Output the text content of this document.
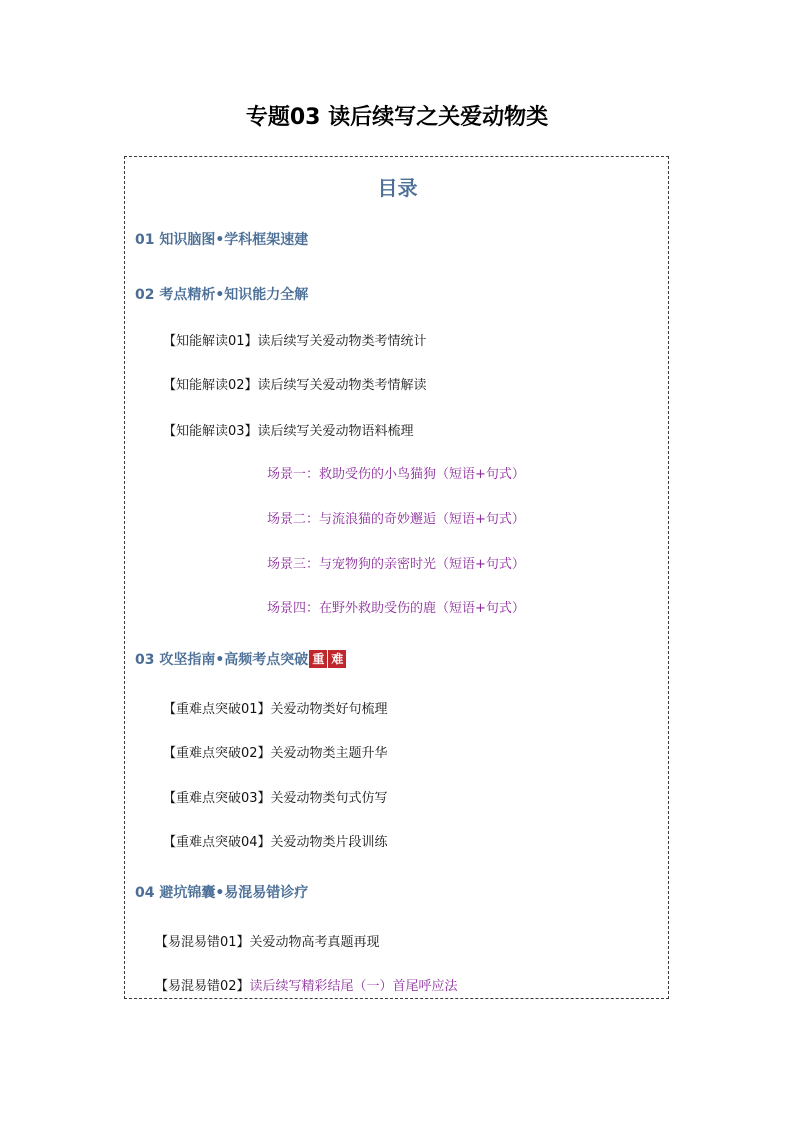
专题03 读后续写之关爱动物类
目录
01 知识脑图•学科框架速建
02 考点精析•知识能力全解
【知能解读01】读后续写关爱动物类考情统计
【知能解读02】读后续写关爱动物类考情解读
【知能解读03】读后续写关爱动物语料梳理
场景一：救助受伤的小鸟猫狗（短语+句式）
场景二：与流浪猫的奇妙邂逅（短语+句式）
场景三：与宠物狗的亲密时光（短语+句式）
场景四：在野外救助受伤的鹿（短语+句式）
03 攻坚指南•高频考点突破 重 难
【重难点突破01】关爱动物类好句梳理
【重难点突破02】关爱动物类主题升华
【重难点突破03】关爱动物类句式仿写
【重难点突破04】关爱动物类片段训练
04 避坑锦囊•易混易错诊疗
【易混易错01】关爱动物高考真题再现
【易混易错02】读后续写精彩结尾（一）首尾呼应法
